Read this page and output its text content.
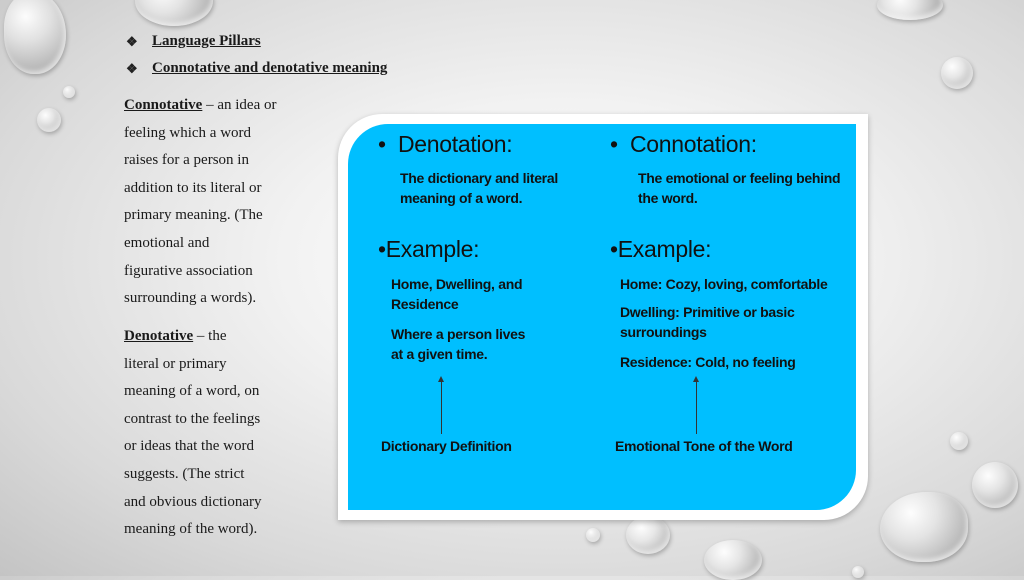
❖ Language Pillars
❖ Connotative and denotative meaning
Connotative – an idea or
feeling which a word
raises for a person in
addition to its literal or
primary meaning. (The
emotional and
figurative association
surrounding a words).
Denotative – the
literal or primary
meaning of a word, on
contrast to the feelings
or ideas that the word
suggests. (The strict
and obvious dictionary
meaning of the word).
• Denotation:
The dictionary and literal
meaning of a word.
•Example:
Home, Dwelling, and
Residence
Where a person lives
at a given time.
Dictionary Definition
• Connotation:
The emotional or feeling behind
the word.
•Example:
Home: Cozy, loving, comfortable
Dwelling: Primitive or basic
surroundings
Residence: Cold, no feeling
Emotional Tone of the Word
